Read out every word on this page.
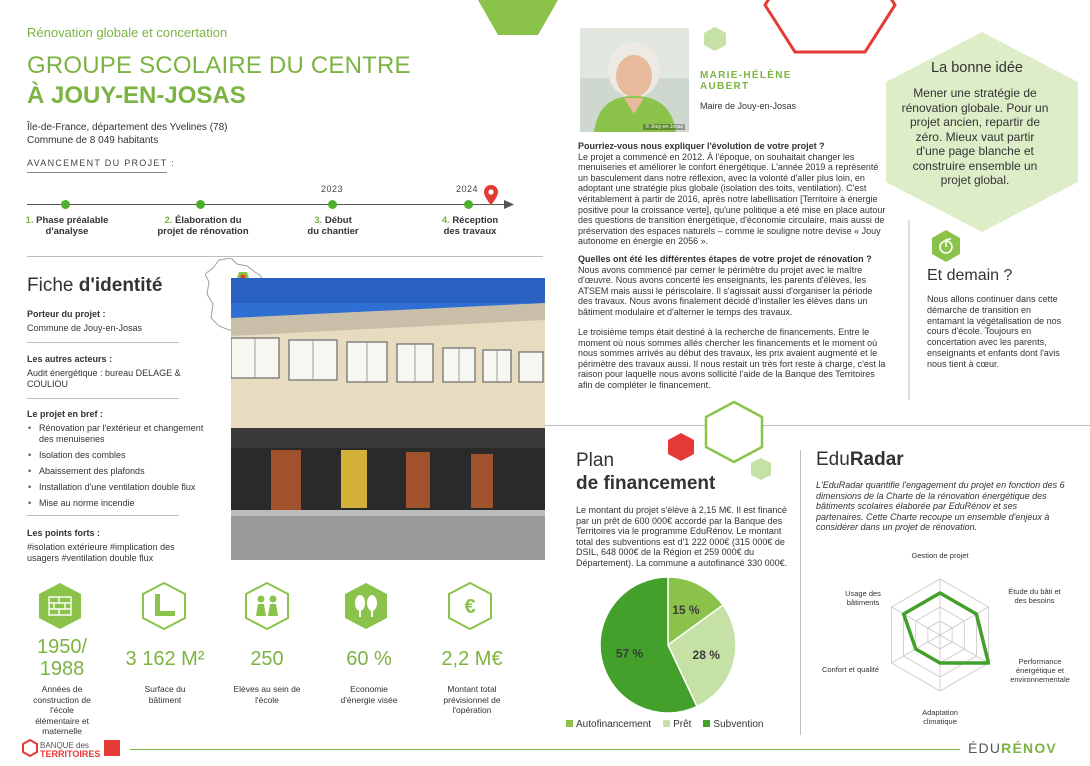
Rénovation globale et concertation
GROUPE SCOLAIRE DU CENTRE
À JOUY-EN-JOSAS
Île-de-France, département des Yvelines (78)
Commune de 8 049 habitants
AVANCEMENT DU PROJET :
2023	2024
1. Phase préalable
d'analyse
2. Élaboration du
projet de rénovation
3. Début
du chantier
4. Réception
des travaux
Fiche d'identité
Porteur du projet :
Commune de Jouy-en-Josas
Les autres acteurs :
Audit énergétique : bureau DELAGE & COULIOU
Le projet en bref :
• Rénovation par l'extérieur et changement des menuiseries
• Isolation des combles
• Abaissement des plafonds
• Installation d'une ventilation double flux
• Mise au norme incendie
Les points forts :
#isolation extérieure #implication des usagers #ventilation double flux
© Jouy-en-Josas
MARIE-HÉLÈNE
AUBERT
Maire de Jouy-en-Josas
Pourriez-vous nous expliquer l'évolution de votre projet ?
Le projet a commencé en 2012. À l'époque, on souhaitait changer les menuiseries et améliorer le confort énergétique. L'année 2019 a représenté un basculement dans notre réflexion, avec la volonté d'aller plus loin, en adoptant une stratégie plus globale (isolation des toits, ventilation). C'est véritablement à partir de 2016, après notre labellisation [Territoire à énergie positive pour la croissance verte], qu'une politique a été mise en place autour des questions de transition énergétique, d'économie circulaire, mais aussi de préservation des espaces naturels – comme le souligne notre devise « Jouy autonome en énergie en 2056 ».
Quelles ont été les différentes étapes de votre projet de rénovation ?
Nous avons commencé par cerner le périmètre du projet avec le maître d'œuvre. Nous avons concerté les enseignants, les parents d'élèves, les ATSEM mais aussi le périscolaire. Il s'agissait aussi d'organiser la période des travaux. Nous avons finalement décidé d'installer les élèves dans un bâtiment modulaire et d'alterner le temps des travaux.
Le troisième temps était destiné à la recherche de financements. Entre le moment où nous sommes allés chercher les financements et le moment où nous sommes arrivés au début des travaux, les prix avaient augmenté et le périmètre des travaux aussi. Il nous restait un très fort reste à charge, c'est la raison pour laquelle nous avons sollicité l'aide de la Banque des Territoires afin de compléter le financement.
La bonne idée
Mener une stratégie de rénovation globale. Pour un projet ancien, repartir de zéro. Mieux vaut partir d'une page blanche et construire ensemble un projet global.
Et demain ?
Nous allons continuer dans cette démarche de transition en entamant la végétalisation de nos cours d'école. Toujours en concertation avec les parents, enseignants et enfants dont l'avis nous tient à cœur.
Plan
de financement
Le montant du projet s'élève à 2,15 M€. Il est financé par un prêt de 600 000€ accordé par la Banque des Territoires via le programme EduRénov. Le montant total des subventions est d'1 222 000€ (315 000€ de DSIL, 648 000€ de la Région et 259 000€ du Département). La commune a autofinancé 330 000€.
15 %
28 %
57 %
Autofinancement	Prêt	Subvention
EduRadar
L'EduRadar quantifie l'engagement du projet en fonction des 6 dimensions de la Charte de la rénovation énergétique des bâtiments scolaires élaborée par EduRénov et ses partenaires. Cette Charte recoupe un ensemble d'enjeux à considérer dans un projet de rénovation.
Gestion de projet
Étude du bâti et des besoins
Performance énergétique et environnementale
Adaptation climatique
Confort et qualité
Usage des bâtiments
€
1950/ 1988
Années de construction de l'école élémentaire et maternelle
3 162 M²
Surface du bâtiment
250
Elèves au sein de l'école
60 %
Economie d'énergie visée
2,2 M€
Montant total prévisionnel de l'opération
BANQUE des
TERRITOIRES	ÉDURÉNOV
